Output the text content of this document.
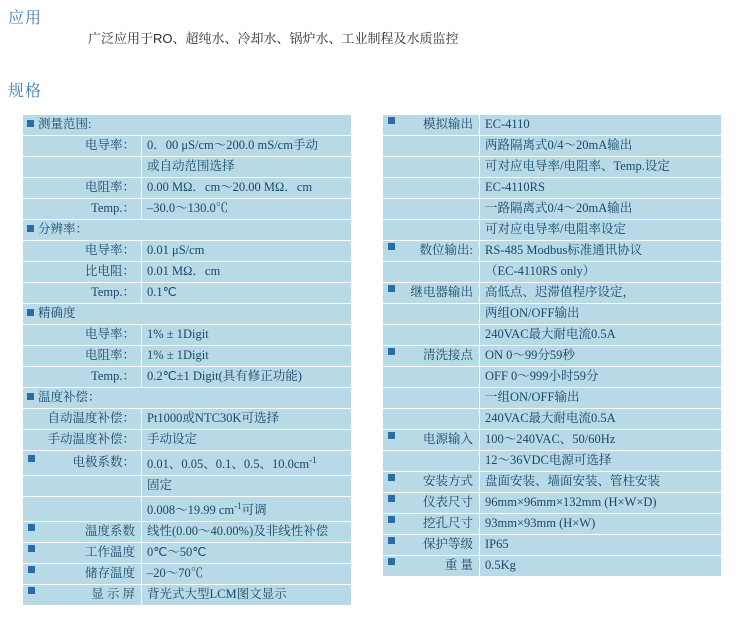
应用
广泛应用于RO、超纯水、冷却水、锅炉水、工业制程及水质监控
规格
测量范围:	
电导率：	0．00 μS/cm～200.0 mS/cm手动
	或自动范围选择
电阻率：	0.00 MΩ．cm～20.00 MΩ．cm
Temp.：	–30.0～130.0℃
分辨率：	
电导率：	0.01 μS/cm
比电阻：	0.01 MΩ．cm
Temp.：	0.1℃
精确度	
电导率：	1% ± 1Digit
电阻率：	1% ± 1Digit
Temp.：	0.2℃±1 Digit(具有修正功能)
温度补偿：	
自动温度补偿：	Pt1000或NTC30K可选择
手动温度补偿：	手动设定

电极系数：	0.01、0.05、0.1、0.5、$10.0cm^{-1}$
	固定
	0.008～19.99 $cm^{-1}$可调

温度系数	线性(0.00～40.00%)及非线性补偿

工作温度	0℃～50℃

储存温度	–20～70℃

显 示 屏	背光式大型LCM图文显示
模拟输出	EC-4110
	两路隔离式0/4～20mA输出
	可对应电导率/电阻率、Temp.设定
	EC-4110RS
	一路隔离式0/4～20mA输出
	可对应电导率/电阻率设定

数位输出:	RS-485 Modbus标准通讯协议
	（EC-4110RS only）

继电器输出	高低点、迟滞值程序设定，
	两组ON/OFF输出
	240VAC最大耐电流0.5A

清洗接点	ON 0～99分59秒
	OFF 0～999小时59分
	一组ON/OFF输出
	240VAC最大耐电流0.5A

电源输入	100～240VAC、50/60Hz
	12～36VDC电源可选择

安装方式	盘面安装、墙面安装、管柱安装

仪表尺寸	96mm×96mm×132mm (H×W×D)

挖孔尺寸	93mm×93mm (H×W)

保护等级	IP65

重 量	0.5Kg
